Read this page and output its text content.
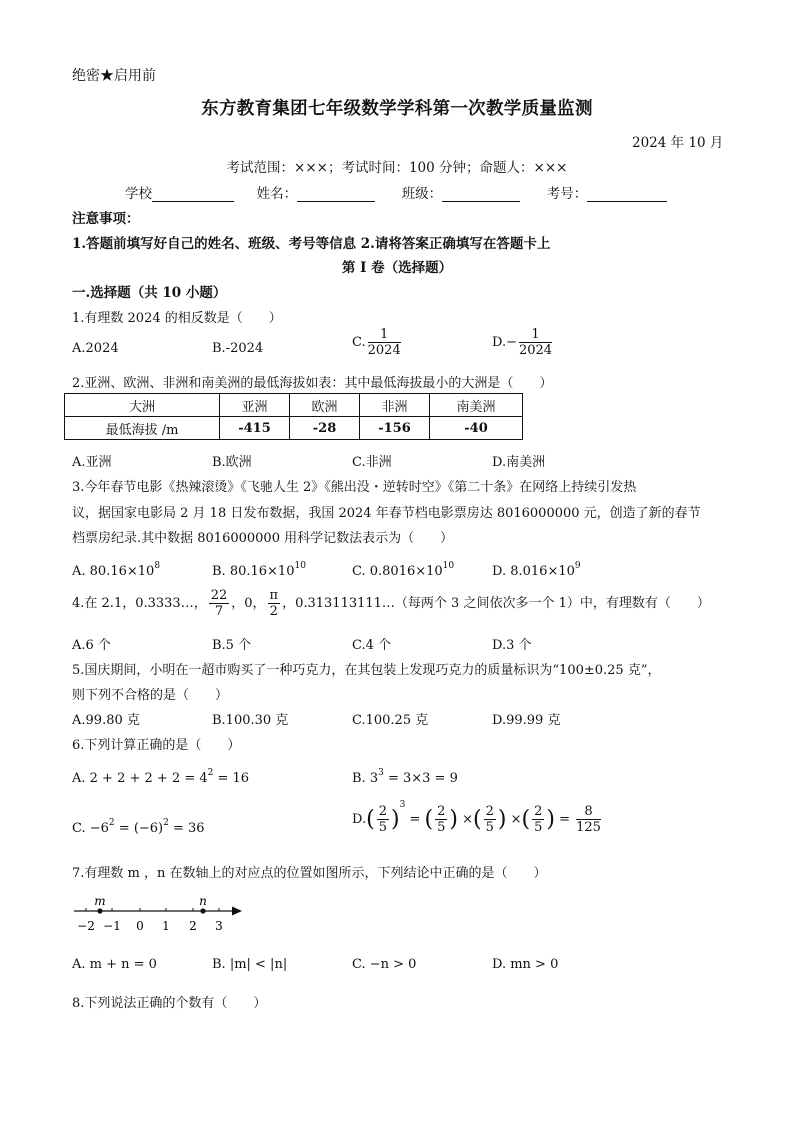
绝密★启用前
东方教育集团七年级数学学科第一次教学质量监测
2024 年 10 月
考试范围：×××；考试时间：100 分钟；命题人：×××
学校	姓名：	班级：	考号：
注意事项：
1.答题前填写好自己的姓名、班级、考号等信息 2.请将答案正确填写在答题卡上
第 I 卷（选择题）
一.选择题（共 10 小题）
1.有理数 2024 的相反数是（　　）
A.2024	B.-2024	C. $\frac{1}{2024}$	$D.- \frac{1}{2024}$
2.亚洲、欧洲、非洲和南美洲的最低海拔如表：其中最低海拔最小的大洲是（　　）
大洲	亚洲	欧洲	非洲	南美洲
最低海拔 /m	-415	-28	-156	-40
A.亚洲	B.欧洲	C.非洲	D.南美洲
3.今年春节电影《热辣滚烫》《飞驰人生 2》《熊出没・逆转时空》《第二十条》在网络上持续引发热
议，据国家电影局 2 月 18 日发布数据，我国 2024 年春节档电影票房达 8016000000 元，创造了新的春节
档票房纪录.其中数据 8016000000 用科学记数法表示为（　　）
A. $80.16\times 10^8$	B. $80.16\times 10^{10}$	C. $0.8016\times 10^{10}$	D. $8.016\times 10^9$
4.在 2.1，0.3333…， $\frac{22}{7}$ ，0， $\frac{\pi}{2}$ ，0.313113111…（每两个 3 之间依次多一个 1）中，有理数有（　　）
A.6 个	B.5 个	C.4 个	D.3 个
5.国庆期间，小明在一超市购买了一种巧克力，在其包装上发现巧克力的质量标识为“100±0.25 克”，
则下列不合格的是（　　）
A.99.80 克	B.100.30 克	C.100.25 克	D.99.99 克
6.下列计算正确的是（　　）
A. $2 + 2 + 2 + 2 = 4^2 = 16$	B. $3^3 = 3\times 3 = 9$
C. $-6^2 = (-6)^2 = 36$
$D.( \frac{2}{5} )^3$ = ( $\frac{2}{5}$ ) ×( $\frac{2}{5}$ ) ×( $\frac{2}{5}$ ) = $\frac{8}{125}$
7.有理数 m ，n 在数轴上的对应点的位置如图所示，下列结论中正确的是（　　）
m	n
−2 −1 0 1 2 3
A. m + n = 0	B. |m| < |n|	C. −n > 0	D. mn > 0
8.下列说法正确的个数有（　　）
